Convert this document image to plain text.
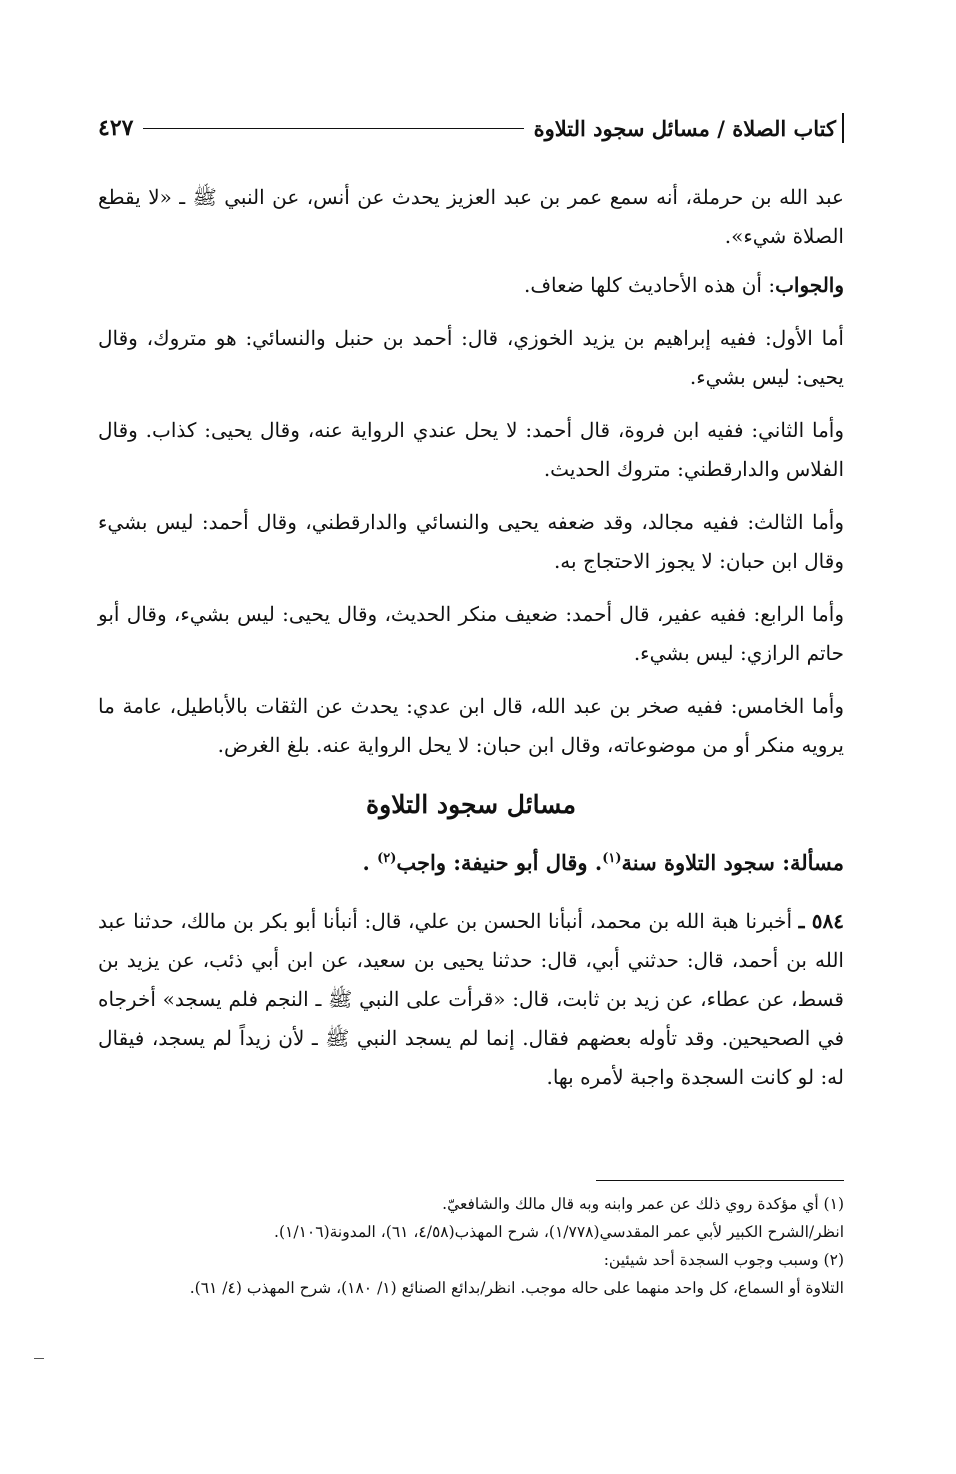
كتاب الصلاة / مسائل سجود التلاوة
٤٢٧

عبد الله بن حرملة، أنه سمع عمر بن عبد العزيز يحدث عن أنس، عن النبي ﷺ ـ «لا يقطع الصلاة شيء».

والجواب: أن هذه الأحاديث كلها ضعاف.

أما الأول: ففيه إبراهيم بن يزيد الخوزي، قال: أحمد بن حنبل والنسائي: هو متروك، وقال يحيى: ليس بشيء.

وأما الثاني: ففيه ابن فروة، قال أحمد: لا يحل عندي الرواية عنه، وقال يحيى: كذاب. وقال الفلاس والدارقطني: متروك الحديث.

وأما الثالث: ففيه مجالد، وقد ضعفه يحيى والنسائي والدارقطني، وقال أحمد: ليس بشيء وقال ابن حبان: لا يجوز الاحتجاج به.

وأما الرابع: ففيه عفير، قال أحمد: ضعيف منكر الحديث، وقال يحيى: ليس بشيء، وقال أبو حاتم الرازي: ليس بشيء.

وأما الخامس: ففيه صخر بن عبد الله، قال ابن عدي: يحدث عن الثقات بالأباطيل، عامة ما يرويه منكر أو من موضوعاته، وقال ابن حبان: لا يحل الرواية عنه. بلغ الغرض.

مسائل سجود التلاوة
مسألة: سجود التلاوة سنة$^{(١)}$. وقال أبو حنيفة: واجب$^{(٢)}$ .

٥٨٤ ـ أخبرنا هبة الله بن محمد، أنبأنا الحسن بن علي، قال: أنبأنا أبو بكر بن مالك، حدثنا عبد الله بن أحمد، قال: حدثني أبي، قال: حدثنا يحيى بن سعيد، عن ابن أبي ذئب، عن يزيد بن قسط، عن عطاء، عن زيد بن ثابت، قال: «قرأت على النبي ﷺ ـ النجم فلم يسجد» أخرجاه في الصحيحين. وقد تأوله بعضهم فقال. إنما لم يسجد النبي ﷺ ـ لأن زيداً لم يسجد، فيقال له: لو كانت السجدة واجبة لأمره بها.

(١) أي مؤكدة روي ذلك عن عمر وابنه وبه قال مالك والشافعيّ.

انظر/الشرح الكبير لأبي عمر المقدسي(١/٧٧٨)، شرح المهذب(٤/٥٨، ٦١)، المدونة(١/١٠٦).

(٢) وسبب وجوب السجدة أحد شيئين:

التلاوة أو السماع، كل واحد منهما على حاله موجب. انظر/بدائع الصنائع (١/ ١٨٠)، شرح المهذب (٤/ ٦١).
